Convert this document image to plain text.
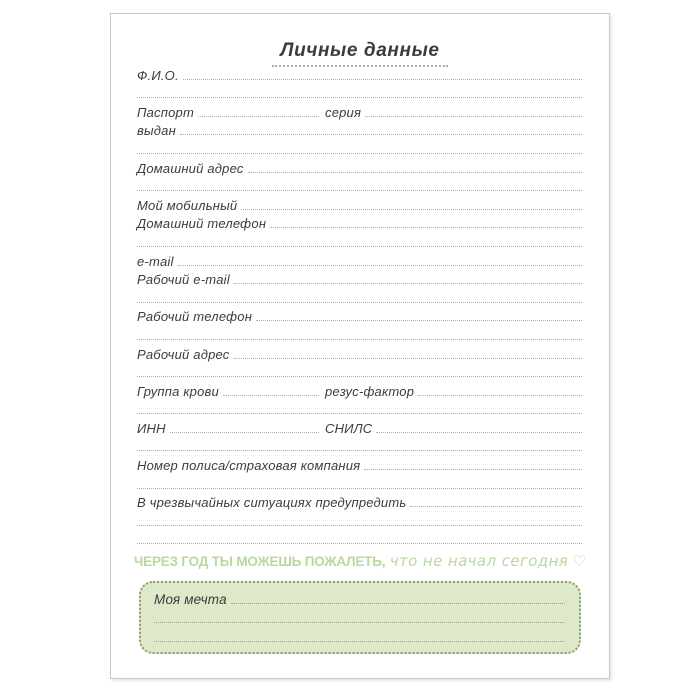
Личные данные
Ф.И.О.
Паспорт	серия
выдан
Домашний адрес
Мой мобильный
Домашний телефон
e-mail
Рабочий e-mail
Рабочий телефон
Рабочий адрес
Группа крови	резус-фактор
ИНН	СНИЛС
Номер полиса/страховая компания
В чрезвычайных ситуациях предупредить
ЧЕРЕЗ ГОД ТЫ МОЖЕШЬ ПОЖАЛЕТЬ, что не начал сегодня ♡
Моя мечта
